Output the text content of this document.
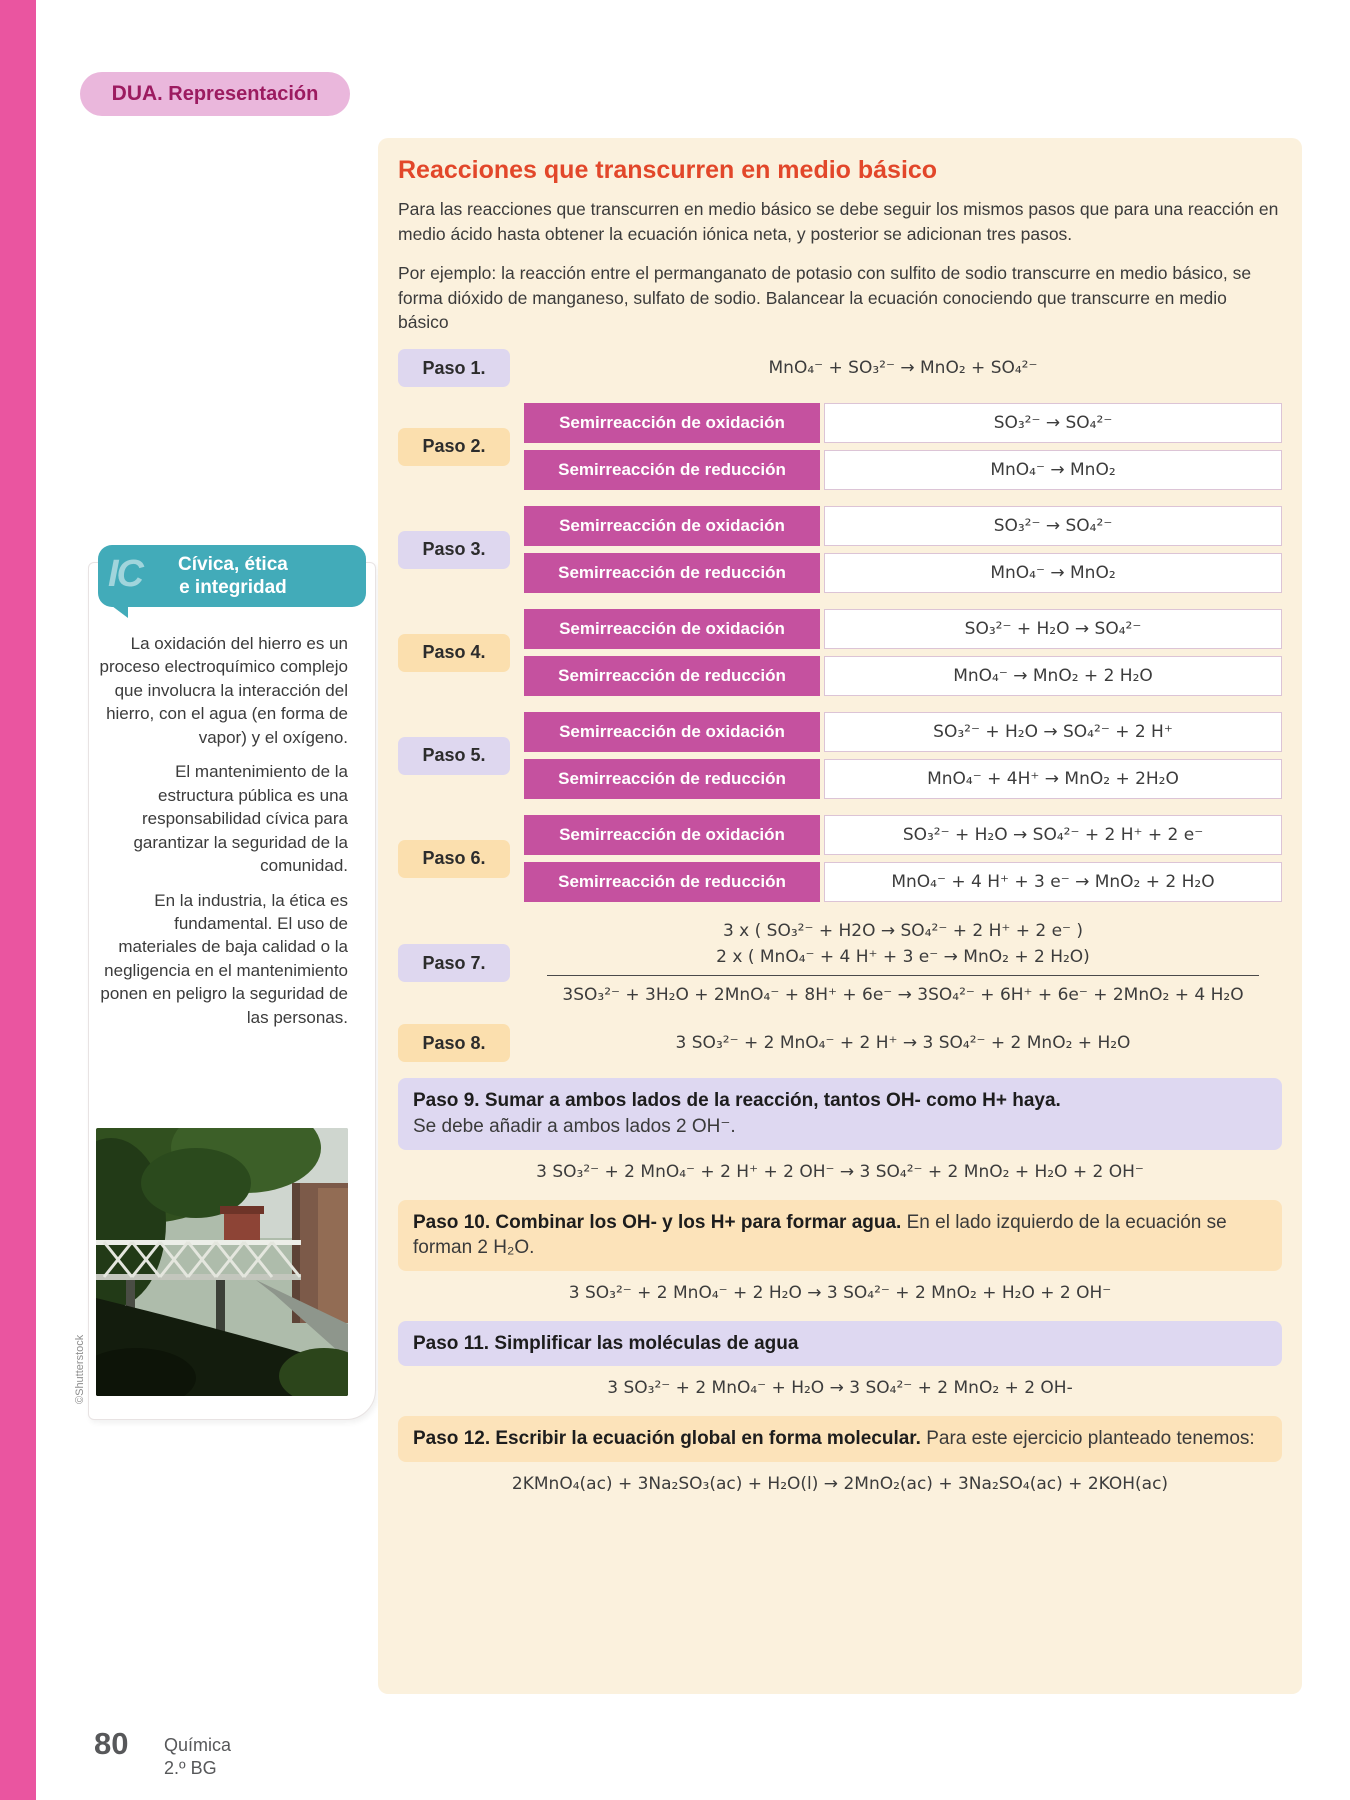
DUA . Representación
IC Cívica, ética
e integridad

La oxidación del hierro es un proceso electroquímico complejo que involucra la interacción del hierro, con el agua (en forma de vapor) y el oxígeno.

El mantenimiento de la estructura pública es una responsabilidad cívica para garantizar la seguridad de la comunidad.

En la industria, la ética es fundamental. El uso de materiales de baja calidad o la negligencia en el mantenimiento ponen en peligro la seguridad de las personas.

©Shutterstock
Reacciones que transcurren en medio básico

Para las reacciones que transcurren en medio básico se debe seguir los mismos pasos que para una reacción en medio ácido hasta obtener la ecuación iónica neta, y posterior se adicionan tres pasos.

Por ejemplo: la reacción entre el permanganato de potasio con sulfito de sodio transcurre en medio básico, se forma dióxido de manganeso, sulfato de sodio. Balancear la ecuación conociendo que transcurre en medio básico

Paso 1.	MnO₄⁻ + SO₃²⁻ → MnO₂ + SO₄²⁻
Paso 2.
Semirreacción de oxidación	SO₃²⁻ → SO₄²⁻
Semirreacción de reducción	MnO₄⁻ → MnO₂
Paso 3.
Semirreacción de oxidación	SO₃²⁻ → SO₄²⁻
Semirreacción de reducción	MnO₄⁻ → MnO₂
Paso 4.
Semirreacción de oxidación	SO₃²⁻ + H₂O → SO₄²⁻
Semirreacción de reducción	MnO₄⁻ → MnO₂ + 2 H₂O
Paso 5.
Semirreacción de oxidación	SO₃²⁻ + H₂O → SO₄²⁻ + 2 H⁺
Semirreacción de reducción	MnO₄⁻ + 4H⁺ → MnO₂ + 2H₂O
Paso 6.
Semirreacción de oxidación	SO₃²⁻ + H₂O → SO₄²⁻ + 2 H⁺ + 2 e⁻
Semirreacción de reducción	MnO₄⁻ + 4 H⁺ + 3 e⁻ → MnO₂ + 2 H₂O
Paso 7.
3 x ( SO₃²⁻ + H2O → SO₄²⁻ + 2 H⁺ + 2 e⁻ )
2 x ( MnO₄⁻ + 4 H⁺ + 3 e⁻ → MnO₂ + 2 H₂O)
3SO₃²⁻ + 3H₂O + 2MnO₄⁻ + 8H⁺ + 6e⁻ → 3SO₄²⁻ + 6H⁺ + 6e⁻ + 2MnO₂ + 4 H₂O
Paso 8.	3 SO₃²⁻ + 2 MnO₄⁻ + 2 H⁺ → 3 SO₄²⁻ + 2 MnO₂ + H₂O
Paso 9. Sumar a ambos lados de la reacción, tantos OH- como H+ haya.
Se debe añadir a ambos lados 2 OH⁻.
3 SO₃²⁻ + 2 MnO₄⁻ + 2 H⁺ + 2 OH⁻ → 3 SO₄²⁻ + 2 MnO₂ + H₂O + 2 OH⁻
Paso 10. Combinar los OH- y los H+ para formar agua. En el lado izquierdo de la ecuación se forman 2 H₂O.
3 SO₃²⁻ + 2 MnO₄⁻ + 2 H₂O → 3 SO₄²⁻ + 2 MnO₂ + H₂O + 2 OH⁻
Paso 11. Simplificar las moléculas de agua
3 SO₃²⁻ + 2 MnO₄⁻ + H₂O → 3 SO₄²⁻ + 2 MnO₂ + 2 OH-
Paso 12. Escribir la ecuación global en forma molecular. Para este ejercicio planteado tenemos:
2KMnO₄(ac) + 3Na₂SO₃(ac) + H₂O(l) → 2MnO₂(ac) + 3Na₂SO₄(ac) + 2KOH(ac)
80 Química
2.º BG
